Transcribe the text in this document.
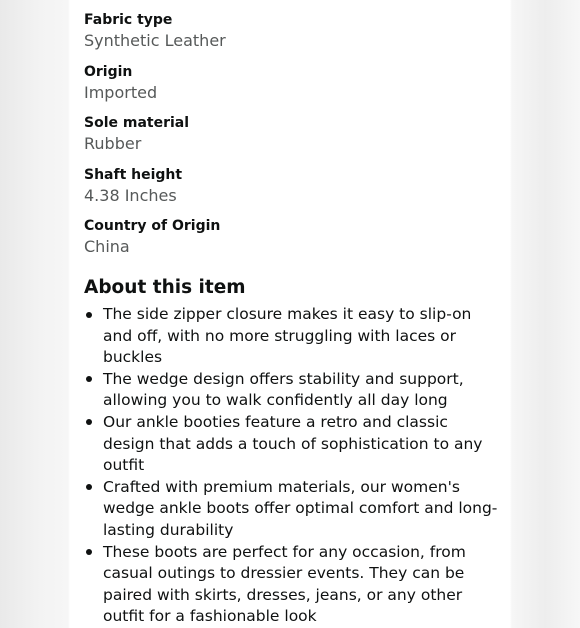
Fabric type
Synthetic Leather
Origin
Imported
Sole material
Rubber
Shaft height
4.38 Inches
Country of Origin
China
About this item
The side zipper closure makes it easy to slip-on and off, with no more struggling with laces or buckles
The wedge design offers stability and support, allowing you to walk confidently all day long
Our ankle booties feature a retro and classic design that adds a touch of sophistication to any outfit
Crafted with premium materials, our women's wedge ankle boots offer optimal comfort and long-lasting durability
These boots are perfect for any occasion, from casual outings to dressier events. They can be paired with skirts, dresses, jeans, or any other outfit for a fashionable look
